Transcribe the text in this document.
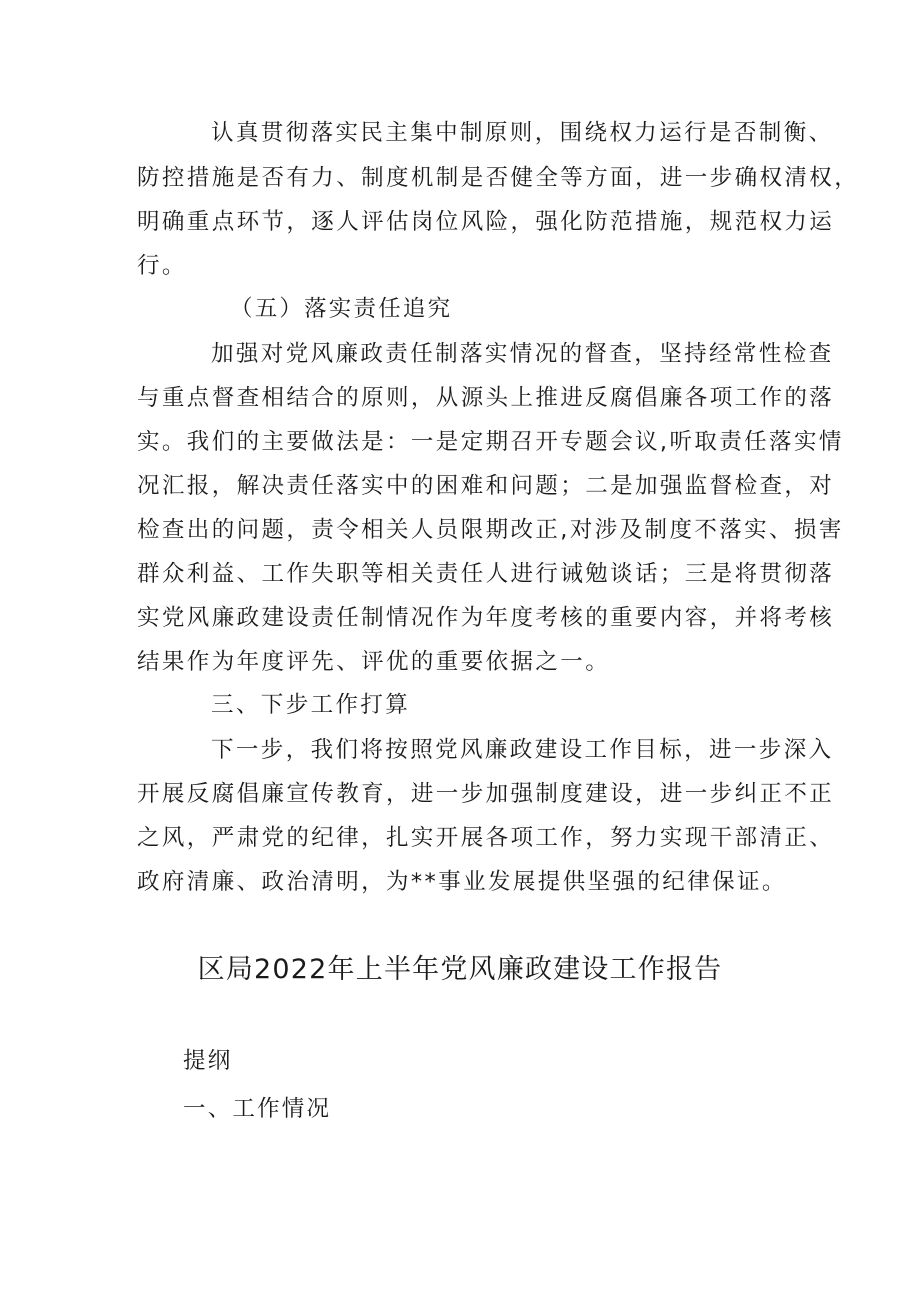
认真贯彻落实民主集中制原则，围绕权力运行是否制衡、
防控措施是否有力、制度机制是否健全等方面，进一步确权清权，
明确重点环节，逐人评估岗位风险，强化防范措施，规范权力运
行。
（五）落实责任追究
加强对党风廉政责任制落实情况的督查，坚持经常性检查
与重点督查相结合的原则，从源头上推进反腐倡廉各项工作的落
实。我们的主要做法是：一是定期召开专题会议,听取责任落实情
况汇报，解决责任落实中的困难和问题；二是加强监督检查，对
检查出的问题，责令相关人员限期改正,对涉及制度不落实、损害
群众利益、工作失职等相关责任人进行诫勉谈话；三是将贯彻落
实党风廉政建设责任制情况作为年度考核的重要内容，并将考核
结果作为年度评先、评优的重要依据之一。
三、下步工作打算
下一步，我们将按照党风廉政建设工作目标，进一步深入
开展反腐倡廉宣传教育，进一步加强制度建设，进一步纠正不正
之风，严肃党的纪律，扎实开展各项工作，努力实现干部清正、
政府清廉、政治清明，为**事业发展提供坚强的纪律保证。
区局2022年上半年党风廉政建设工作报告
提纲
一、工作情况
